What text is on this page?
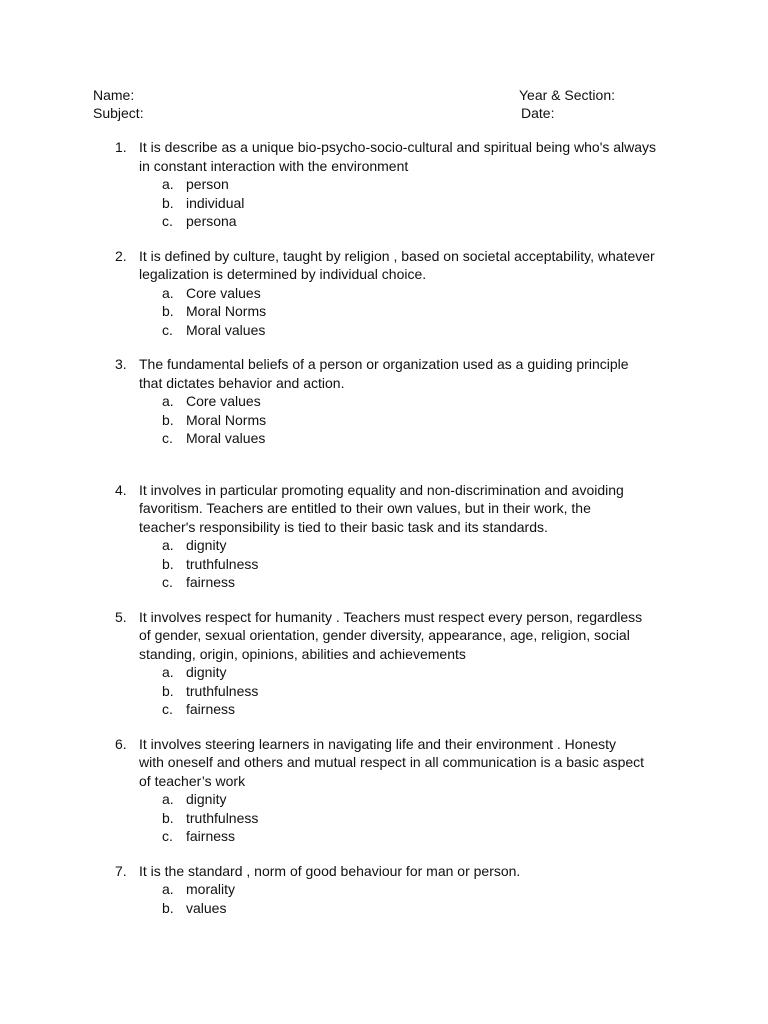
Name:	Year & Section:
Subject:	Date:
1. It is describe as a unique bio-psycho-socio-cultural and spiritual being who's always
in constant interaction with the environment
a. person
b. individual
c. persona
2. It is defined by culture, taught by religion , based on societal acceptability, whatever
legalization is determined by individual choice.
a. Core values
b. Moral Norms
c. Moral values
3. The fundamental beliefs of a person or organization used as a guiding principle
that dictates behavior and action.
a. Core values
b. Moral Norms
c. Moral values
4. It involves in particular promoting equality and non-discrimination and avoiding
favoritism. Teachers are entitled to their own values, but in their work, the
teacher's responsibility is tied to their basic task and its standards.
a. dignity
b. truthfulness
c. fairness
5. It involves respect for humanity . Teachers must respect every person, regardless
of gender, sexual orientation, gender diversity, appearance, age, religion, social
standing, origin, opinions, abilities and achievements
a. dignity
b. truthfulness
c. fairness
6. It involves steering learners in navigating life and their environment . Honesty
with oneself and others and mutual respect in all communication is a basic aspect
of teacher’s work
a. dignity
b. truthfulness
c. fairness
7. It is the standard , norm of good behaviour for man or person.
a. morality
b. values
